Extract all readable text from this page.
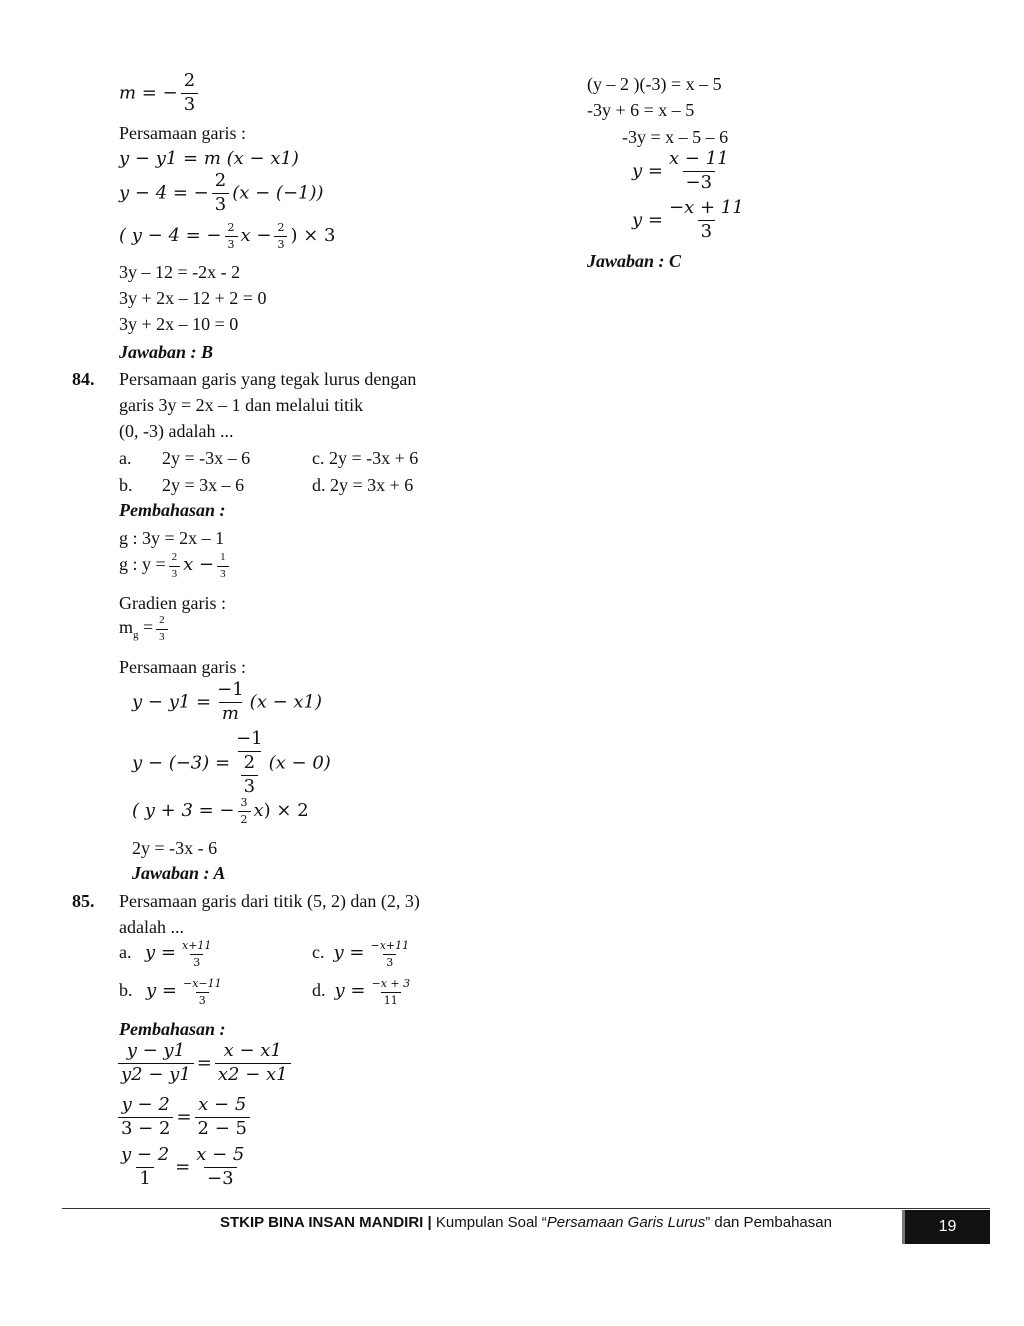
m = − $\frac{2}{3}$
Persamaan garis :
y − y1 = m (x − x1)
y − 4 = − $\frac{2}{3} (x - (-1))$
( y − 4 = − $\frac{2}{3}$ $x - \frac{2}{3}$ ) × 3
3y – 12 = -2x - 2
3y + 2x – 12 + 2 = 0
3y + 2x – 10 = 0
Jawaban : B
84. Persamaan garis yang tegak lurus dengan
garis 3y = 2x – 1 dan melalui titik
(0, -3) adalah ...
a. 2y = -3x – 6	c. 2y = -3x + 6
b. 2y = 3x – 6	d. 2y = 3x + 6
Pembahasan :
g : 3y = 2x – 1
g : $y = \frac{2}{3}$ $x - \frac{1}{3}$
Gradien garis :
$m_g = \frac{2}{3}$
Persamaan garis :
$y - y1 = \frac{-1}{m} (x - x1)$
$y - (-3) = \frac{-1}{\frac{2}{3}} (x - 0)$
( y + 3 = − $\frac{3}{2} x) \times 2$
2y = -3x - 6
Jawaban : A
85. Persamaan garis dari titik (5, 2) dan (2, 3)
adalah ...
a. $y = \frac{x+11}{3}$	c. $y = \frac{-x+11}{3}$
b. $y = \frac{-x-11}{3}$	d. $y = \frac{-x + 3}{11}$
Pembahasan :
$\frac{y - y1}{y2 - y1} = \frac{x - x1}{x2 - x1}$
$\frac{y - 2}{3 - 2} = \frac{x - 5}{2 - 5}$
$\frac{y - 2}{1} = \frac{x - 5}{-3}$
(y – 2 )(-3) = x – 5
-3y + 6 = x – 5
-3y = x – 5 – 6
$y = \frac{x - 11}{-3}$
$y = \frac{-x + 11}{3}$
Jawaban : C
STKIP BINA INSAN MANDIRI | Kumpulan Soal “Persamaan Garis Lurus” dan Pembahasan	19
